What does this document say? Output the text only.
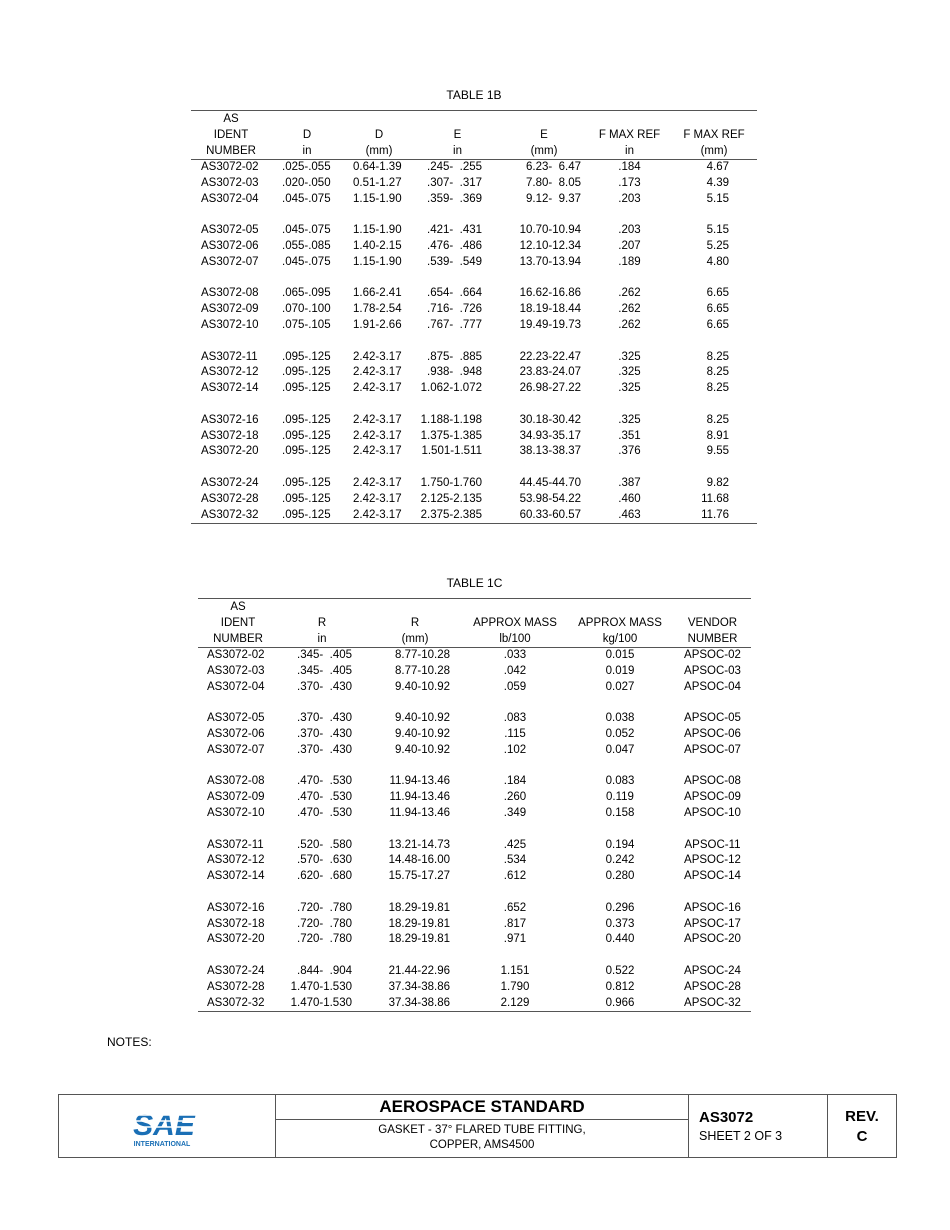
TABLE 1B
AS						
IDENT	D	D	E	E	F MAX REF	F MAX REF
NUMBER	in	(mm)	in	(mm)	in	(mm)
AS3072-02	.025-.055	0.64-1.39	.245-  .255	6.23-  6.47	.184	4.67
AS3072-03	.020-.050	0.51-1.27	.307-  .317	7.80-  8.05	.173	4.39
AS3072-04	.045-.075	1.15-1.90	.359-  .369	9.12-  9.37	.203	5.15

AS3072-05	.045-.075	1.15-1.90	.421-  .431	10.70-10.94	.203	5.15
AS3072-06	.055-.085	1.40-2.15	.476-  .486	12.10-12.34	.207	5.25
AS3072-07	.045-.075	1.15-1.90	.539-  .549	13.70-13.94	.189	4.80

AS3072-08	.065-.095	1.66-2.41	.654-  .664	16.62-16.86	.262	6.65
AS3072-09	.070-.100	1.78-2.54	.716-  .726	18.19-18.44	.262	6.65
AS3072-10	.075-.105	1.91-2.66	.767-  .777	19.49-19.73	.262	6.65

AS3072-11	.095-.125	2.42-3.17	.875-  .885	22.23-22.47	.325	8.25
AS3072-12	.095-.125	2.42-3.17	.938-  .948	23.83-24.07	.325	8.25
AS3072-14	.095-.125	2.42-3.17	1.062-1.072	26.98-27.22	.325	8.25

AS3072-16	.095-.125	2.42-3.17	1.188-1.198	30.18-30.42	.325	8.25
AS3072-18	.095-.125	2.42-3.17	1.375-1.385	34.93-35.17	.351	8.91
AS3072-20	.095-.125	2.42-3.17	1.501-1.511	38.13-38.37	.376	9.55

AS3072-24	.095-.125	2.42-3.17	1.750-1.760	44.45-44.70	.387	9.82
AS3072-28	.095-.125	2.42-3.17	2.125-2.135	53.98-54.22	.460	11.68
AS3072-32	.095-.125	2.42-3.17	2.375-2.385	60.33-60.57	.463	11.76
TABLE 1C
AS					
IDENT	R	R	APPROX MASS	APPROX MASS	VENDOR
NUMBER	in	(mm)	lb/100	kg/100	NUMBER
AS3072-02	.345-  .405	8.77-10.28	.033	0.015	APSOC-02
AS3072-03	.345-  .405	8.77-10.28	.042	0.019	APSOC-03
AS3072-04	.370-  .430	9.40-10.92	.059	0.027	APSOC-04

AS3072-05	.370-  .430	9.40-10.92	.083	0.038	APSOC-05
AS3072-06	.370-  .430	9.40-10.92	.115	0.052	APSOC-06
AS3072-07	.370-  .430	9.40-10.92	.102	0.047	APSOC-07

AS3072-08	.470-  .530	11.94-13.46	.184	0.083	APSOC-08
AS3072-09	.470-  .530	11.94-13.46	.260	0.119	APSOC-09
AS3072-10	.470-  .530	11.94-13.46	.349	0.158	APSOC-10

AS3072-11	.520-  .580	13.21-14.73	.425	0.194	APSOC-11
AS3072-12	.570-  .630	14.48-16.00	.534	0.242	APSOC-12
AS3072-14	.620-  .680	15.75-17.27	.612	0.280	APSOC-14

AS3072-16	.720-  .780	18.29-19.81	.652	0.296	APSOC-16
AS3072-18	.720-  .780	18.29-19.81	.817	0.373	APSOC-17
AS3072-20	.720-  .780	18.29-19.81	.971	0.440	APSOC-20

AS3072-24	.844-  .904	21.44-22.96	1.151	0.522	APSOC-24
AS3072-28	1.470-1.530	37.34-38.86	1.790	0.812	APSOC-28
AS3072-32	1.470-1.530	37.34-38.86	2.129	0.966	APSOC-32
NOTES:
SAE
INTERNATIONAL
AEROSPACE STANDARD
GASKET - 37° FLARED TUBE FITTING,
COPPER, AMS4500
AS3072
SHEET 2 OF 3
REV.
C
